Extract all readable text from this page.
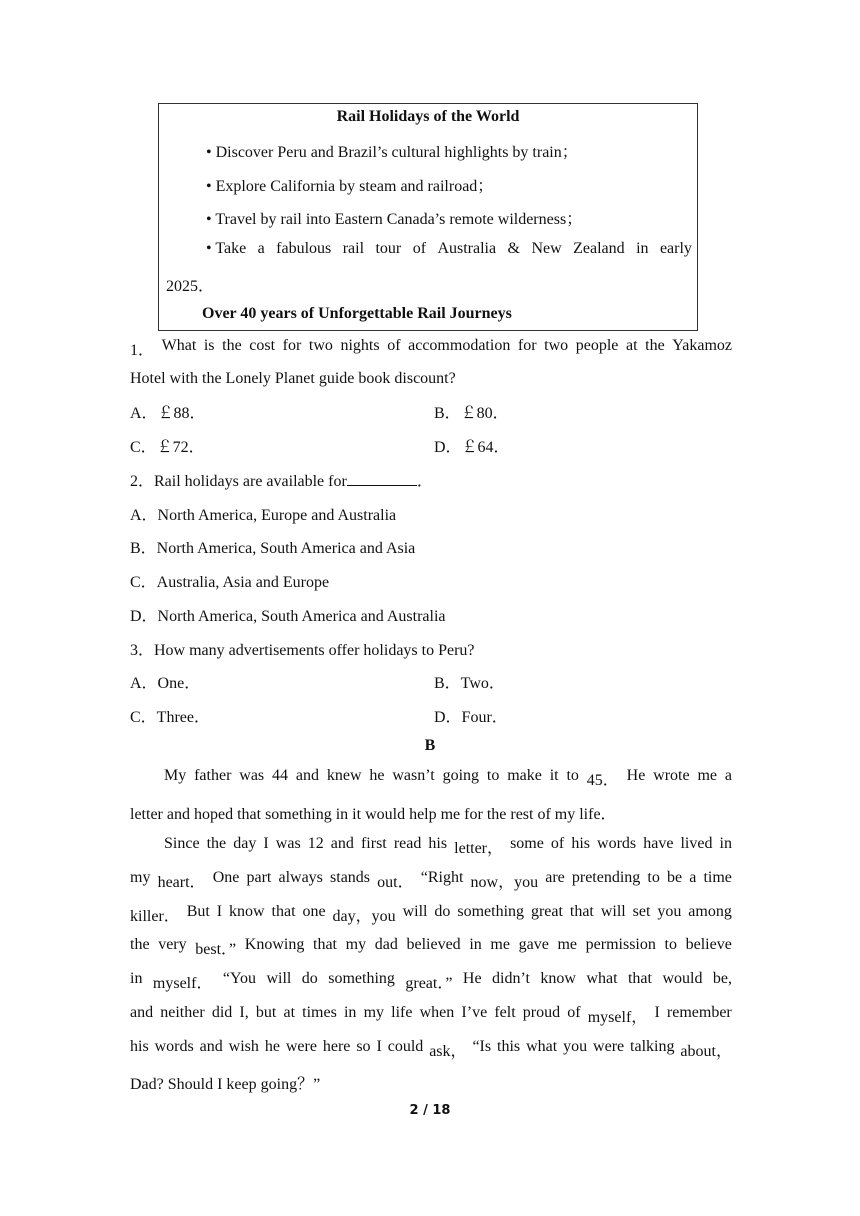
Rail Holidays of the World
• Discover Peru and Brazil’s cultural highlights by train；
• Explore California by steam and railroad；
• Travel by rail into Eastern Canada’s remote wilderness；
• Take a fabulous rail tour of Australia & New Zealand in early
2025．
Over 40 years of Unforgettable Rail Journeys
1． What is the cost for two nights of accommodation for two people at the Yakamoz
Hotel with the Lonely Planet guide book discount?
A．￡88．	B．￡80．
C．￡72．	D．￡64．
2．Rail holidays are available for	．
A．North America, Europe and Australia
B．North America, South America and Asia
C．Australia, Asia and Europe
D．North America, South America and Australia
3．How many advertisements offer holidays to Peru?
A．One．	B．Two．
C．Three．	D．Four．
B
My father was 44 and knew he wasn’t going to make it to 45． He wrote me a
letter and hoped that something in it would help me for the rest of my life．
Since the day I was 12 and first read his letter， some of his words have lived in
my heart． One part always stands out． “Right now，you are pretending to be a time
killer． But I know that one day，you will do something great that will set you among
the very best．” Knowing that my dad believed in me gave me permission to believe
in myself． “You will do something great．” He didn’t know what that would be,
and neither did I, but at times in my life when I’ve felt proud of myself， I remember
his words and wish he were here so I could ask， “Is this what you were talking about，
Dad? Should I keep going？”
2 / 18
